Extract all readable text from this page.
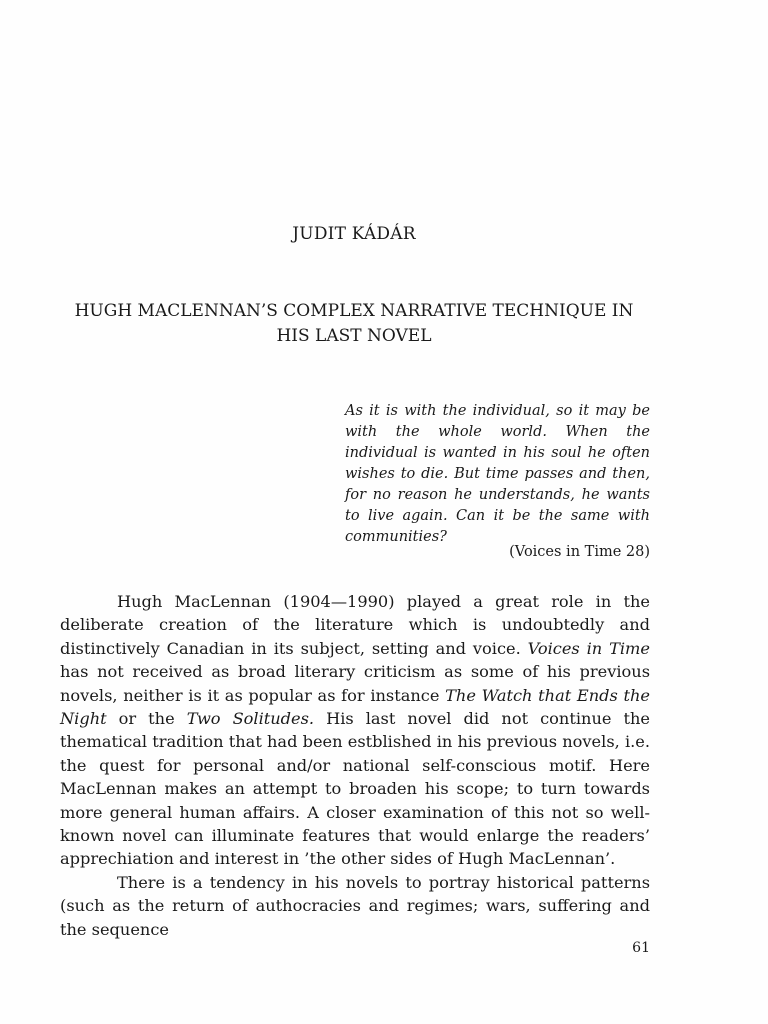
JUDIT KÁDÁR
HUGH MACLENNAN’S COMPLEX NARRATIVE TECHNIQUE IN
HIS LAST NOVEL
As it is with the individual, so it may be with the whole world. When the individual is wanted in his soul he often wishes to die. But time passes and then, for no reason he understands, he wants to live again. Can it be the same with communities?
(Voices in Time 28)

Hugh MacLennan (1904—1990) played a great role in the deliberate creation of the literature which is undoubtedly and distinctively Canadian in its subject, setting and voice. Voices in Time has not received as broad literary criticism as some of his previous novels, neither is it as popular as for instance The Watch that Ends the Night or the Two Solitudes. His last novel did not continue the thematical tradition that had been estblished in his previous novels, i.e. the quest for personal and/or national self-conscious motif. Here MacLennan makes an attempt to broaden his scope; to turn towards more general human affairs. A closer examination of this not so well-known novel can illuminate features that would enlarge the readers’ apprechiation and interest in ’the other sides of Hugh MacLennan’.

There is a tendency in his novels to portray historical patterns (such as the return of authocracies and regimes; wars, suffering and the sequence

61
